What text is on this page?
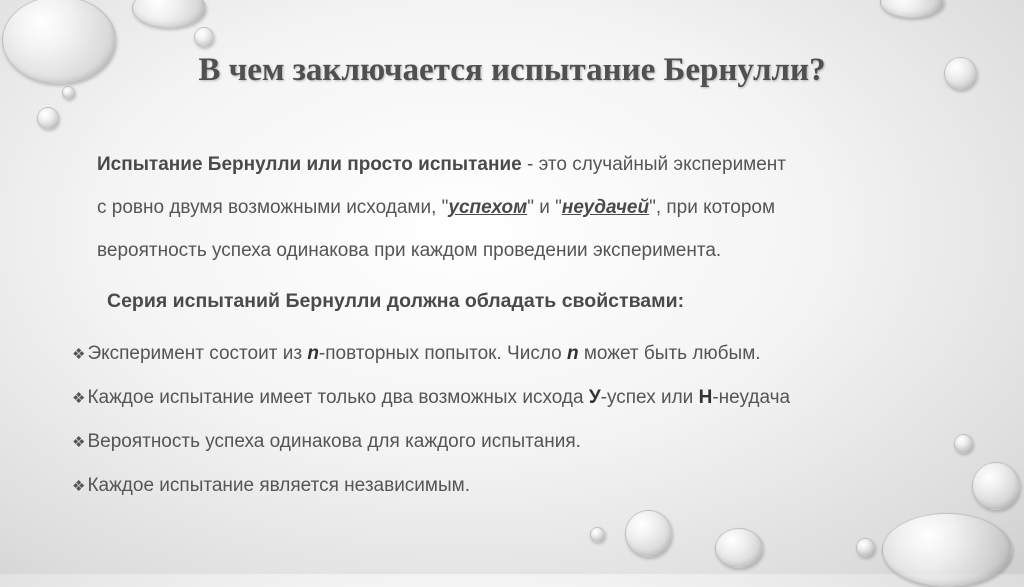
В чем заключается испытание Бернулли?
Испытание Бернулли или просто испытание - это случайный эксперимент
с ровно двумя возможными исходами, "успехом" и "неудачей", при котором
вероятность успеха одинакова при каждом проведении эксперимента.
Серия испытаний Бернулли должна обладать свойствами:
❖ Эксперимент состоит из n-повторных попыток. Число n может быть любым.
❖ Каждое испытание имеет только два возможных исхода У-успех или Н-неудача
❖ Вероятность успеха одинакова для каждого испытания.
❖ Каждое испытание является независимым.
